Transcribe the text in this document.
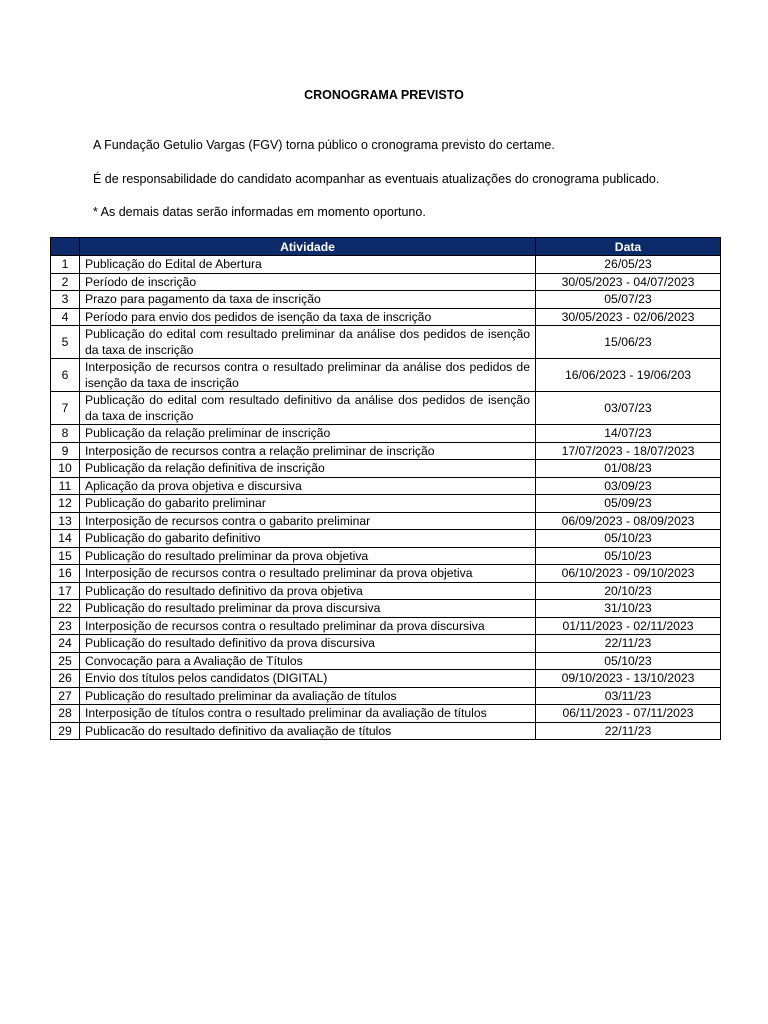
CRONOGRAMA PREVISTO
A Fundação Getulio Vargas (FGV) torna público o cronograma previsto do certame.
É de responsabilidade do candidato acompanhar as eventuais atualizações do cronograma publicado.
* As demais datas serão informadas em momento oportuno.
	Atividade	Data
1	Publicação do Edital de Abertura	26/05/23
2	Período de inscrição	30/05/2023 - 04/07/2023
3	Prazo para pagamento da taxa de inscrição	05/07/23
4	Período para envio dos pedidos de isenção da taxa de inscrição	30/05/2023 - 02/06/2023
5	Publicação do edital com resultado preliminar da análise dos pedidos de isenção da taxa de inscrição	15/06/23
6	Interposição de recursos contra o resultado preliminar da análise dos pedidos de isenção da taxa de inscrição	16/06/2023 - 19/06/203
7	Publicação do edital com resultado definitivo da análise dos pedidos de isenção da taxa de inscrição	03/07/23
8	Publicação da relação preliminar de inscrição	14/07/23
9	Interposição de recursos contra a relação preliminar de inscrição	17/07/2023 - 18/07/2023
10	Publicação da relação definitiva de inscrição	01/08/23
11	Aplicação da prova objetiva e discursiva	03/09/23
12	Publicação do gabarito preliminar	05/09/23
13	Interposição de recursos contra o gabarito preliminar	06/09/2023 - 08/09/2023
14	Publicação do gabarito definitivo	05/10/23
15	Publicação do resultado preliminar da prova objetiva	05/10/23
16	Interposição de recursos contra o resultado preliminar da prova objetiva	06/10/2023 - 09/10/2023
17	Publicação do resultado definitivo da prova objetiva	20/10/23
22	Publicação do resultado preliminar da prova discursiva	31/10/23
23	Interposição de recursos contra o resultado preliminar da prova discursiva	01/11/2023 - 02/11/2023
24	Publicação do resultado definitivo da prova discursiva	22/11/23
25	Convocação para a Avaliação de Títulos	05/10/23
26	Envio dos títulos pelos candidatos (DIGITAL)	09/10/2023 - 13/10/2023
27	Publicação do resultado preliminar da avaliação de títulos	03/11/23
28	Interposição de títulos contra o resultado preliminar da avaliação de títulos	06/11/2023 - 07/11/2023
29	Publicacão do resultado definitivo da avaliação de títulos	22/11/23
